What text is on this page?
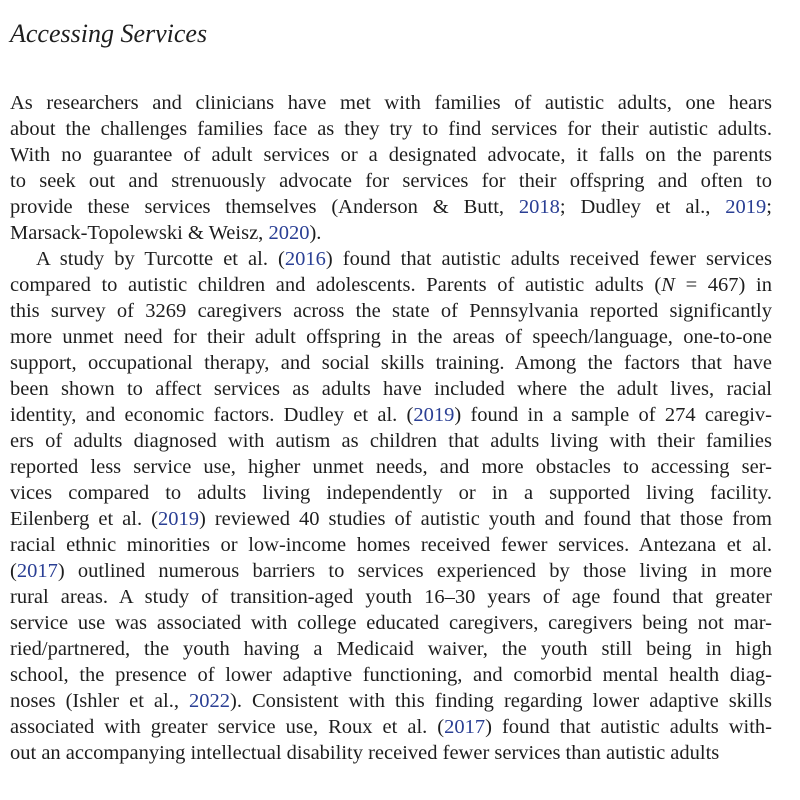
Accessing Services
As researchers and clinicians have met with families of autistic adults, one hears
about the challenges families face as they try to find services for their autistic adults.
With no guarantee of adult services or a designated advocate, it falls on the parents
to seek out and strenuously advocate for services for their offspring and often to
provide these services themselves (Anderson & Butt, 2018; Dudley et al., 2019;
Marsack-Topolewski & Weisz, 2020).
A study by Turcotte et al. (2016) found that autistic adults received fewer services
compared to autistic children and adolescents. Parents of autistic adults (N = 467) in
this survey of 3269 caregivers across the state of Pennsylvania reported significantly
more unmet need for their adult offspring in the areas of speech/language, one-to-one
support, occupational therapy, and social skills training. Among the factors that have
been shown to affect services as adults have included where the adult lives, racial
identity, and economic factors. Dudley et al. (2019) found in a sample of 274 caregiv-
ers of adults diagnosed with autism as children that adults living with their families
reported less service use, higher unmet needs, and more obstacles to accessing ser-
vices compared to adults living independently or in a supported living facility.
Eilenberg et al. (2019) reviewed 40 studies of autistic youth and found that those from
racial ethnic minorities or low-income homes received fewer services. Antezana et al.
(2017) outlined numerous barriers to services experienced by those living in more
rural areas. A study of transition-aged youth 16–30 years of age found that greater
service use was associated with college educated caregivers, caregivers being not mar-
ried/partnered, the youth having a Medicaid waiver, the youth still being in high
school, the presence of lower adaptive functioning, and comorbid mental health diag-
noses (Ishler et al., 2022). Consistent with this finding regarding lower adaptive skills
associated with greater service use, Roux et al. (2017) found that autistic adults with-
out an accompanying intellectual disability received fewer services than autistic adults
